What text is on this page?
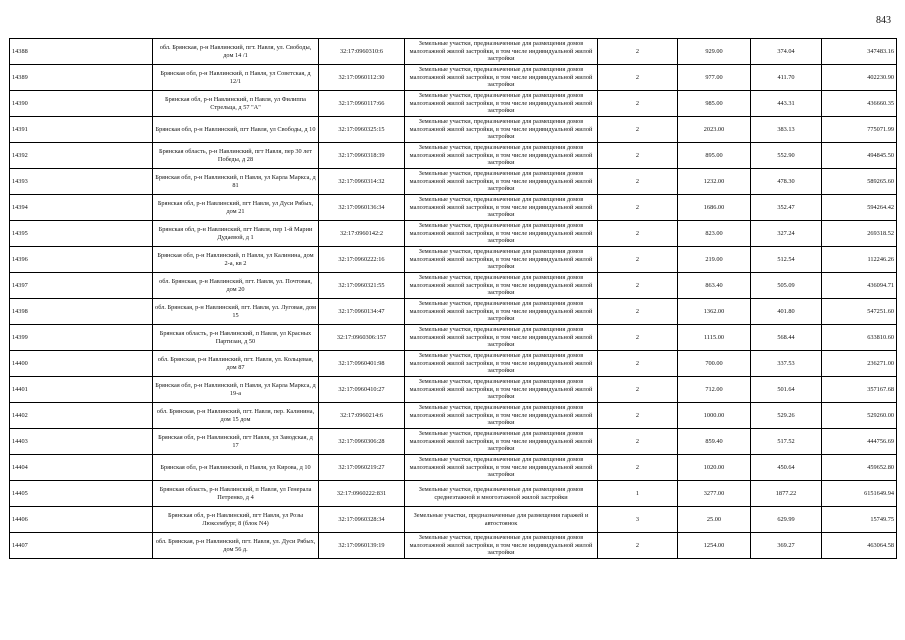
843
14388	обл. Брянская, р-н Навлинский, пгт. Навля, ул. Свободы, дом 14 /1	32:17:0960310:6	Земельные участки, предназначенные для размещения домов малоэтажной жилой застройки, в том числе индивидуальной жилой застройки	2	929.00	374.04	347483.16
14389	Брянская обл, р-н Навлинский, п Навля, ул Советская, д 12/1	32:17:0960112:30	Земельные участки, предназначенные для размещения домов малоэтажной жилой застройки, в том числе индивидуальной жилой застройки	2	977.00	411.70	402230.90
14390	Брянская обл, р-н Навлинский, п Навля, ул Филиппа Стрельца, д 57 "А"	32:17:0960117:66	Земельные участки, предназначенные для размещения домов малоэтажной жилой застройки, в том числе индивидуальной жилой застройки	2	985.00	443.31	436660.35
14391	Брянская обл, р-н Навлинский, пгт Навля, ул Свободы, д 10	32:17:0960325:15	Земельные участки, предназначенные для размещения домов малоэтажной жилой застройки, в том числе индивидуальной жилой застройки	2	2023.00	383.13	775071.99
14392	Брянская область, р-н Навлинский, пгт Навля, пер 30 лет Победы, д 28	32:17:0960318:39	Земельные участки, предназначенные для размещения домов малоэтажной жилой застройки, в том числе индивидуальной жилой застройки	2	895.00	552.90	494845.50
14393	Брянская обл, р-н Навлинский, п Навля, ул Карла Маркса, д 81	32:17:0960314:32	Земельные участки, предназначенные для размещения домов малоэтажной жилой застройки, в том числе индивидуальной жилой застройки	2	1232.00	478.30	589265.60
14394	Брянская обл, р-н Навлинский, пгт Навля, ул Дуси Рябых, дом 21	32:17:0960136:34	Земельные участки, предназначенные для размещения домов малоэтажной жилой застройки, в том числе индивидуальной жилой застройки	2	1686.00	352.47	594264.42
14395	Брянская обл, р-н Навлинский, пгт Навля, пер 1-й Марии Дудаевой, д 1	32:17:0960142:2	Земельные участки, предназначенные для размещения домов малоэтажной жилой застройки, в том числе индивидуальной жилой застройки	2	823.00	327.24	269318.52
14396	Брянская обл, р-н Навлинский, п Навля, ул Калинина, дом 2-а, кв 2	32:17:0960222:16	Земельные участки, предназначенные для размещения домов малоэтажной жилой застройки, в том числе индивидуальной жилой застройки	2	219.00	512.54	112246.26
14397	обл. Брянская, р-н Навлинский, пгт. Навля, ул. Почтовая, дом 20	32:17:0960321:55	Земельные участки, предназначенные для размещения домов малоэтажной жилой застройки, в том числе индивидуальной жилой застройки	2	863.40	505.09	436094.71
14398	обл. Брянская, р-н Навлинский, пгт. Навля, ул. Луговая, дом 15	32:17:0960134:47	Земельные участки, предназначенные для размещения домов малоэтажной жилой застройки, в том числе индивидуальной жилой застройки	2	1362.00	401.80	547251.60
14399	Брянская область, р-н Навлинский, п Навля, ул Красных Партизан, д 50	32:17:0960306:157	Земельные участки, предназначенные для размещения домов малоэтажной жилой застройки, в том числе индивидуальной жилой застройки	2	1115.00	568.44	633810.60
14400	обл. Брянская, р-н Навлинский, пгт. Навля, ул. Кольцевая, дом 87	32:17:0960401:98	Земельные участки, предназначенные для размещения домов малоэтажной жилой застройки, в том числе индивидуальной жилой застройки	2	700.00	337.53	236271.00
14401	Брянская обл, р-н Навлинский, п Навля, ул Карла Маркса, д 19-а	32:17:0960410:27	Земельные участки, предназначенные для размещения домов малоэтажной жилой застройки, в том числе индивидуальной жилой застройки	2	712.00	501.64	357167.68
14402	обл. Брянская, р-н Навлинский, пгт. Навля, пер. Калинина, дом 15 дом	32:17:0960214:6	Земельные участки, предназначенные для размещения домов малоэтажной жилой застройки, в том числе индивидуальной жилой застройки	2	1000.00	529.26	529260.00
14403	Брянская обл, р-н Навлинский, пгт Навля, ул Заводская, д 17	32:17:0960306:28	Земельные участки, предназначенные для размещения домов малоэтажной жилой застройки, в том числе индивидуальной жилой застройки	2	859.40	517.52	444756.69
14404	Брянская обл, р-н Навлинский, п Навля, ул Кирова, д 10	32:17:0960219:27	Земельные участки, предназначенные для размещения домов малоэтажной жилой застройки, в том числе индивидуальной жилой застройки	2	1020.00	450.64	459652.80
14405	Брянская область, р-н Навлинский, п Навля, ул Генерала Петренко, д 4	32:17:0960222:831	Земельные участки, предназначенные для размещения домов среднеэтажной и многоэтажной жилой застройки	1	3277.00	1877.22	6151649.94
14406	Брянская обл, р-н Навлинский, пгт Навля, ул Розы Люксембург, 8 (блок N4)	32:17:0960328:34	Земельные участки, предназначенные для размещения гаражей и автостоянок	3	25.00	629.99	15749.75
14407	обл. Брянская, р-н Навлинский, пгт. Навля, ул. Дуси Рябых, дом 56 д.	32:17:0960139:19	Земельные участки, предназначенные для размещения домов малоэтажной жилой застройки, в том числе индивидуальной жилой застройки	2	1254.00	369.27	463064.58
